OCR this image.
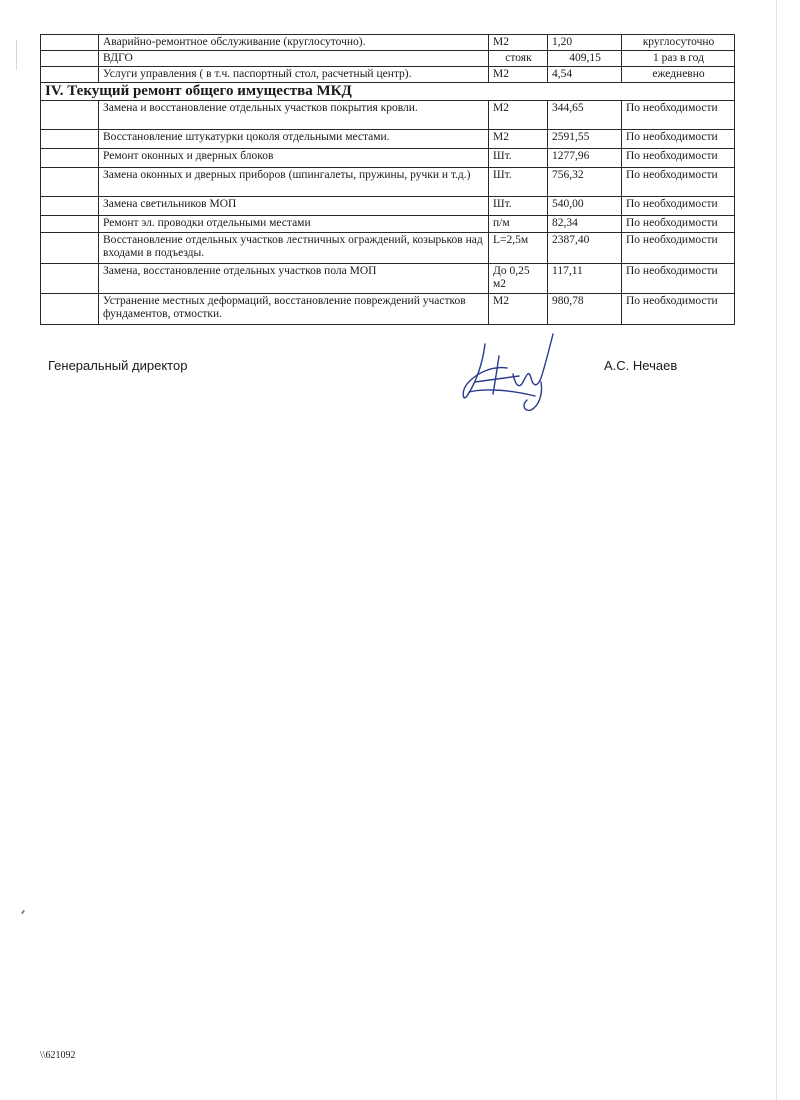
	Аварийно-ремонтное обслуживание (круглосуточно).	М2	1,20	круглосуточно
	ВДГО	стояк	409,15	1 раз в год
	Услуги управления ( в т.ч. паспортный стол, расчетный центр).	М2	4,54	ежедневно
IV. Текущий ремонт общего имущества МКД				
	Замена и восстановление отдельных участков покрытия кровли.	М2	344,65	По необходимости
	Восстановление штукатурки цоколя отдельными местами.	М2	2591,55	По необходимости
	Ремонт оконных и дверных блоков	Шт.	1277,96	По необходимости
	Замена оконных и дверных приборов (шпингалеты, пружины, ручки и т.д.)	Шт.	756,32	По необходимости
	Замена светильников МОП	Шт.	540,00	По необходимости
	Ремонт эл. проводки отдельными местами	п/м	82,34	По необходимости
	Восстановление отдельных участков лестничных ограждений, козырьков над входами в подъезды.	L=2,5м	2387,40	По необходимости
	Замена, восстановление отдельных участков пола МОП	До 0,25 м2	117,11	По необходимости
	Устранение местных деформаций, восстановление повреждений участков фундаментов, отмостки.	М2	980,78	По необходимости
Генеральный директор	А.С. Нечаев
\\621092
